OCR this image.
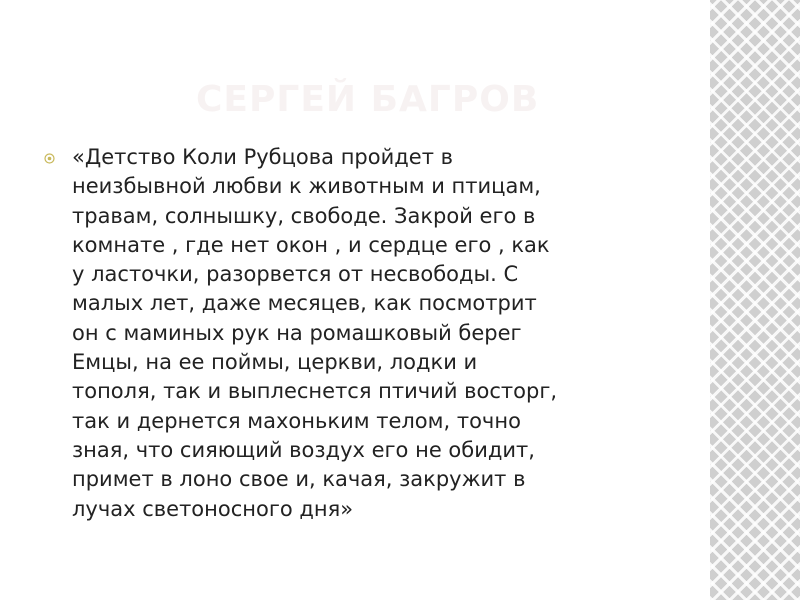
СЕРГЕЙ БАГРОВ

«Детство Коли Рубцова пройдет в
неизбывной любви к животным и птицам,
травам, солнышку, свободе. Закрой его в
комнате , где нет окон , и сердце его , как
у ласточки, разорвется от несвободы. С
малых лет, даже месяцев, как посмотрит
он с маминых рук на ромашковый берег
Емцы, на ее поймы, церкви, лодки и
тополя, так и выплеснется птичий восторг,
так и дернется махоньким телом, точно
зная, что сияющий воздух его не обидит,
примет в лоно свое и, качая, закружит в
лучах светоносного дня»
